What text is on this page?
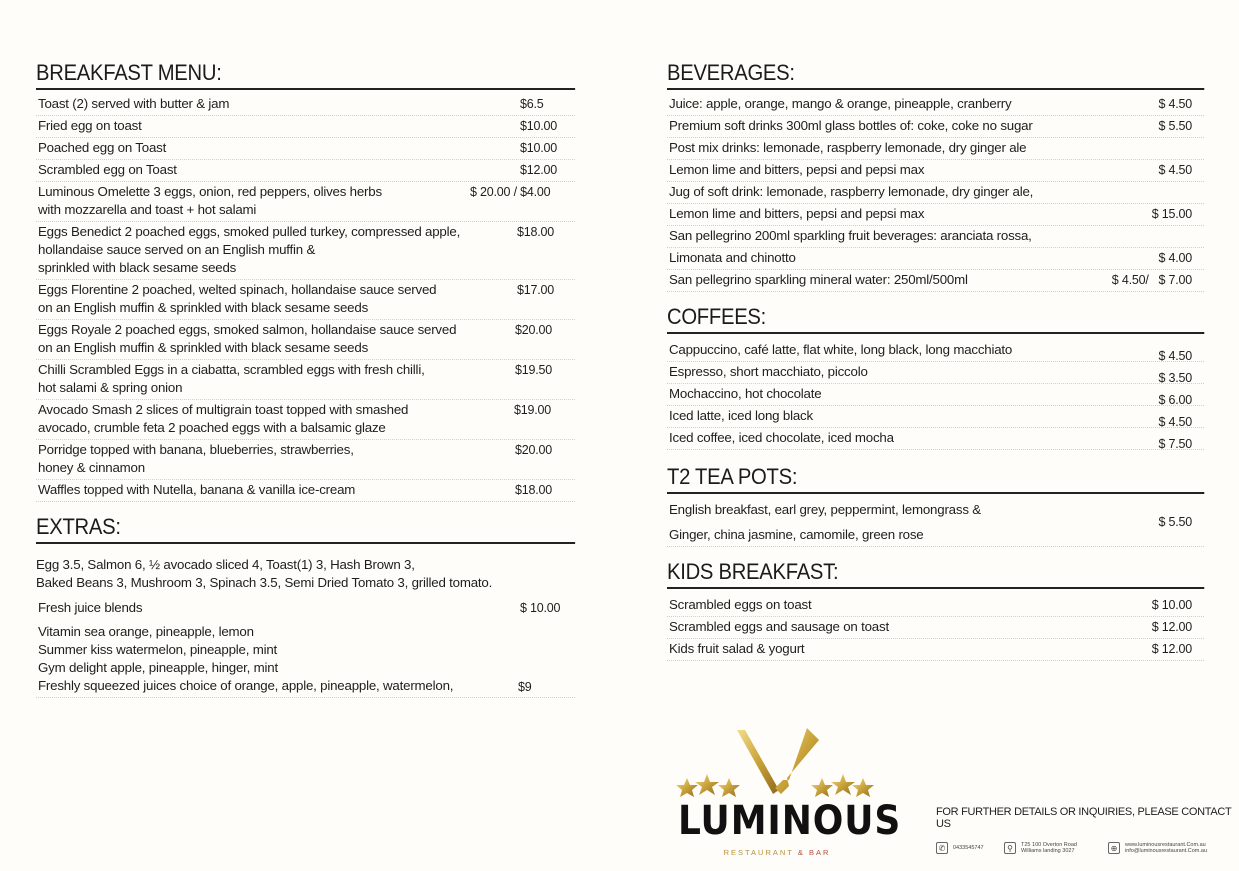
BREAKFAST MENU:
Toast (2) served with butter & jam	$6.5
Fried egg on toast	$10.00
Poached egg on Toast	$10.00
Scrambled egg on Toast	$12.00
Luminous Omelette 3 eggs, onion, red peppers, olives herbs
with mozzarella and toast + hot salami
$ 20.00 / $4.00
Eggs Benedict 2 poached eggs, smoked pulled turkey, compressed apple,
hollandaise sauce served on an English muffin &
sprinkled with black sesame seeds
$18.00
Eggs Florentine 2 poached, welted spinach, hollandaise sauce served
on an English muffin & sprinkled with black sesame seeds
$17.00
Eggs Royale 2 poached eggs, smoked salmon, hollandaise sauce served
on an English muffin & sprinkled with black sesame seeds
$20.00
Chilli Scrambled Eggs in a ciabatta, scrambled eggs with fresh chilli,
hot salami & spring onion
$19.50
Avocado Smash 2 slices of multigrain toast topped with smashed
avocado, crumble feta 2 poached eggs with a balsamic glaze
$19.00
Porridge topped with banana, blueberries, strawberries,
honey & cinnamon
$20.00
Waffles topped with Nutella, banana & vanilla ice-cream	$18.00
EXTRAS:
Egg 3.5, Salmon 6, ½ avocado sliced 4, Toast(1) 3, Hash Brown 3,
Baked Beans 3, Mushroom 3, Spinach 3.5, Semi Dried Tomato 3, grilled tomato.
Fresh juice blends	$ 10.00
Vitamin sea orange, pineapple, lemon
Summer kiss watermelon, pineapple, mint
Gym delight apple, pineapple, hinger, mint
Freshly squeezed juices choice of orange, apple, pineapple, watermelon,	$9
BEVERAGES:
Juice: apple, orange, mango & orange, pineapple, cranberry	$ 4.50
Premium soft drinks 300ml glass bottles of: coke, coke no sugar	$ 5.50
Post mix drinks: lemonade, raspberry lemonade, dry ginger ale
Lemon lime and bitters, pepsi and pepsi max	$ 4.50
Jug of soft drink: lemonade, raspberry lemonade, dry ginger ale,
Lemon lime and bitters, pepsi and pepsi max	$ 15.00
San pellegrino 200ml sparkling fruit beverages: aranciata rossa,
Limonata and chinotto	$ 4.00
San pellegrino sparkling mineral water: 250ml/500ml	$ 4.50/   $ 7.00
COFFEES:
Cappuccino, café latte, flat white, long black, long macchiato	$ 4.50
Espresso, short macchiato, piccolo	$ 3.50
Mochaccino, hot chocolate	$ 6.00
Iced latte, iced long black	$ 4.50
Iced coffee, iced chocolate, iced mocha	$ 7.50
T2 TEA POTS:
English breakfast, earl grey, peppermint, lemongrass &
Ginger, china jasmine, camomile, green rose
$ 5.50
KIDS BREAKFAST:
Scrambled eggs on toast	$ 10.00
Scrambled eggs and sausage on toast	$ 12.00
Kids fruit salad & yogurt	$ 12.00
LUMINOUS
RESTAURANT & BAR
FOR FURTHER DETAILS OR INQUIRIES, PLEASE CONTACT US
✆	0433545747	⚲	T25 100 Overton Road
Williams landing 3027	⊕	www.luminousrestaurant.Com.au
info@luminousrestaurant.Com.au
